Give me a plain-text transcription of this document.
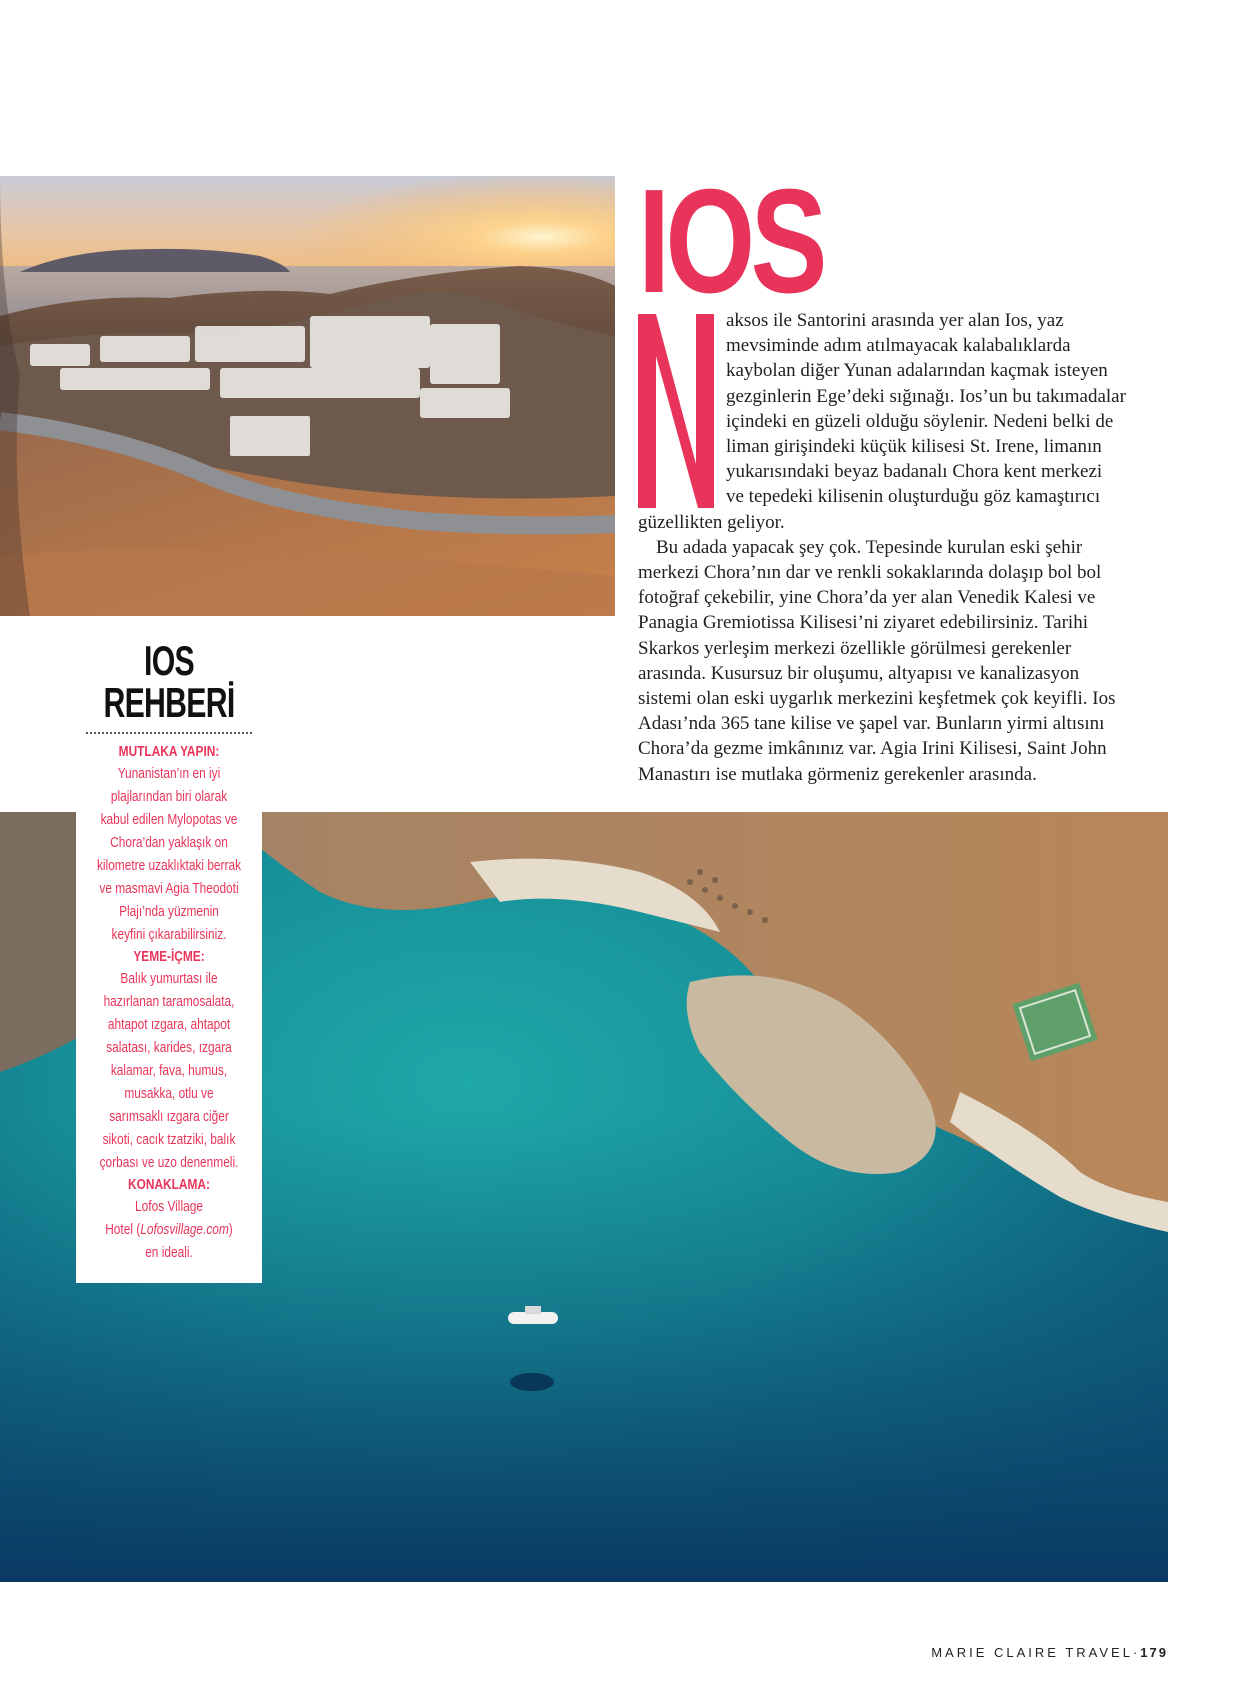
IOS
aksos ile Santorini arasında yer alan Ios, yaz
mevsiminde adım atılmayacak kalabalıklarda
kaybolan diğer Yunan adalarından kaçmak isteyen
gezginlerin Ege’deki sığınağı. Ios’un bu takımadalar
içindeki en güzeli olduğu söylenir. Nedeni belki de
liman girişindeki küçük kilisesi St. Irene, limanın
yukarısındaki beyaz badanalı Chora kent merkezi
ve tepedeki kilisenin oluşturduğu göz kamaştırıcı
güzellikten geliyor.
Bu adada yapacak şey çok. Tepesinde kurulan eski şehir
merkezi Chora’nın dar ve renkli sokaklarında dolaşıp bol bol
fotoğraf çekebilir, yine Chora’da yer alan Venedik Kalesi ve
Panagia Gremiotissa Kilisesi’ni ziyaret edebilirsiniz. Tarihi
Skarkos yerleşim merkezi özellikle görülmesi gerekenler
arasında. Kusursuz bir oluşumu, altyapısı ve kanalizasyon
sistemi olan eski uygarlık merkezini keşfetmek çok keyifli. Ios
Adası’nda 365 tane kilise ve şapel var. Bunların yirmi altısını
Chora’da gezme imkânınız var. Agia Irini Kilisesi, Saint John
Manastırı ise mutlaka görmeniz gerekenler arasında.
IOS
REHBERİ
MUTLAKA YAPIN:
Yunanistan’ın en iyi
plajlarından biri olarak
kabul edilen Mylopotas ve
Chora’dan yaklaşık on
kilometre uzaklıktaki berrak
ve masmavi Agia Theodoti
Plajı’nda yüzmenin
keyfini çıkarabilirsiniz.
YEME-İÇME:
Balık yumurtası ile
hazırlanan taramosalata,
ahtapot ızgara, ahtapot
salatası, karides, ızgara
kalamar, fava, humus,
musakka, otlu ve
sarımsaklı ızgara ciğer
sikoti, cacık tzatziki, balık
çorbası ve uzo denenmeli.
KONAKLAMA:
Lofos Village
Hotel (Lofosvillage.com)
en ideali.
MARIE CLAIRE TRAVEL·179
